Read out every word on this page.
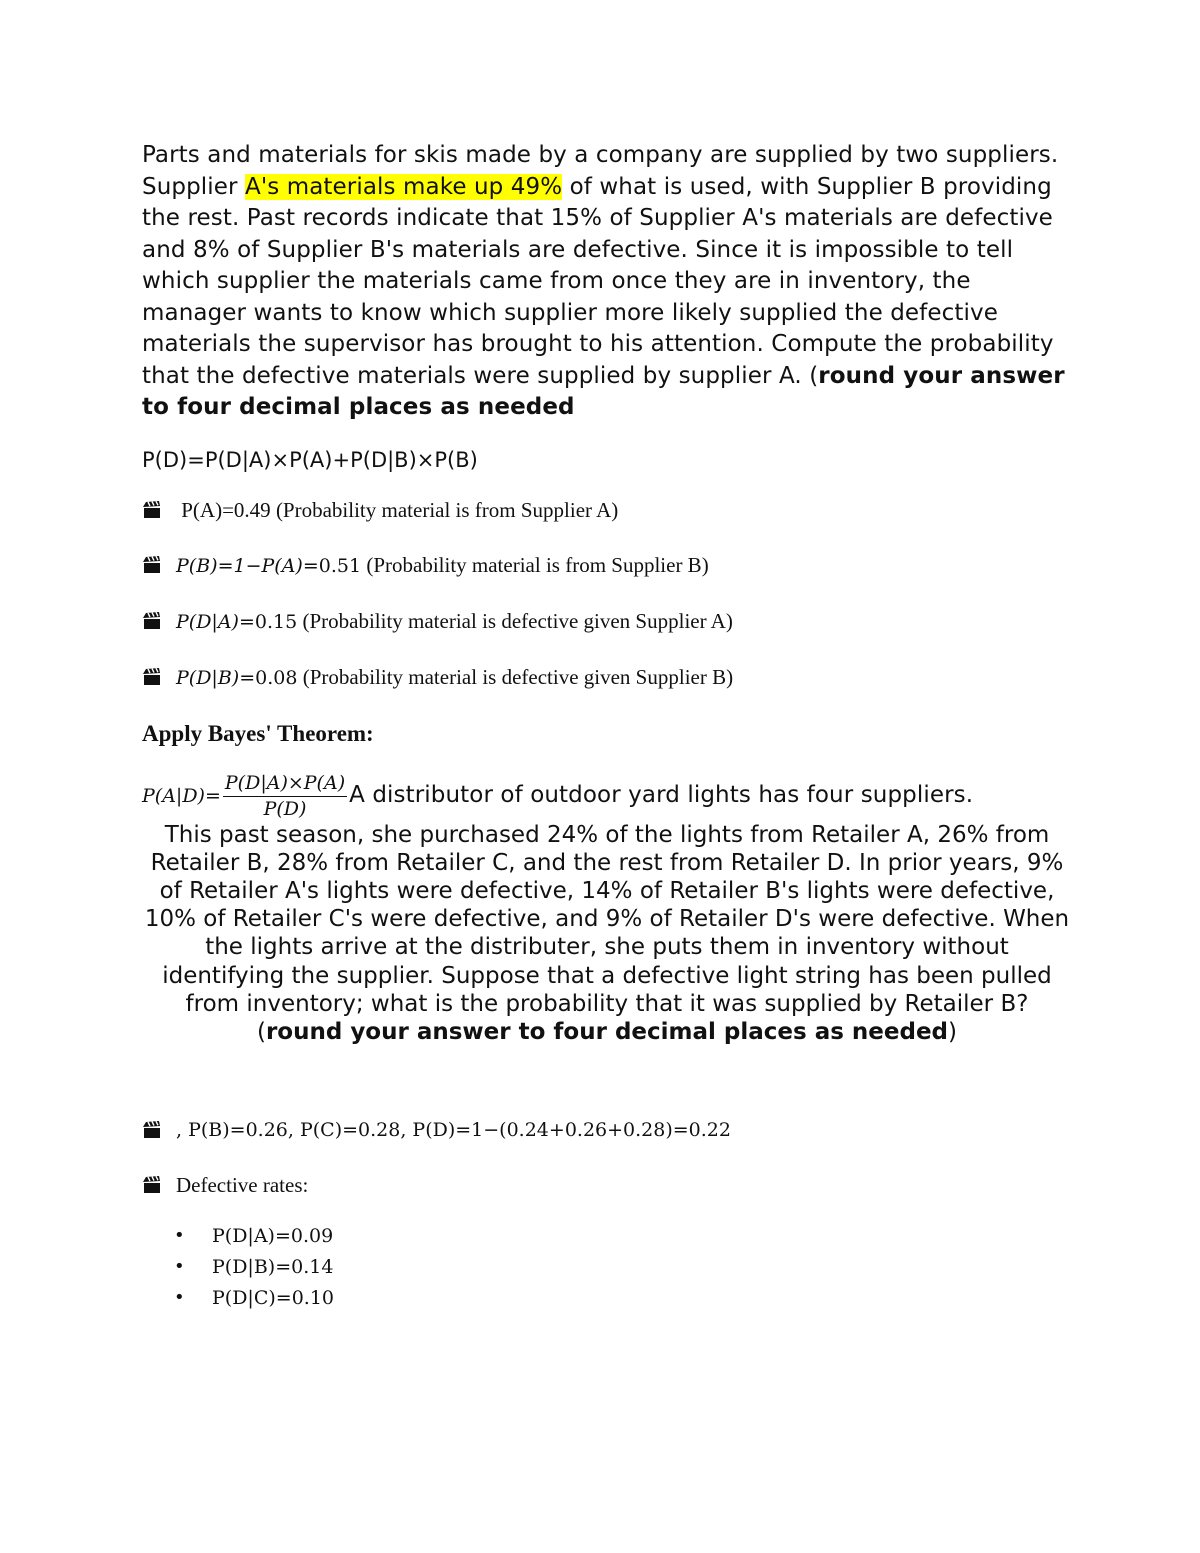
Parts and materials for skis made by a company are supplied by two suppliers. Supplier A's materials make up 49% of what is used, with Supplier B providing the rest. Past records indicate that 15% of Supplier A's materials are defective and 8% of Supplier B's materials are defective. Since it is impossible to tell which supplier the materials came from once they are in inventory, the manager wants to know which supplier more likely supplied the defective materials the supervisor has brought to his attention. Compute the probability that the defective materials were supplied by supplier A. (round your answer to four decimal places as needed

P(D)=P(D|A)×P(A)+P(D|B)×P(B)

P(A)=0.49 (Probability material is from Supplier A)
P(B)=1−P(A)=0.51 (Probability material is from Supplier B)
P(D|A)=0.15 (Probability material is defective given Supplier A)
P(D|B)=0.08 (Probability material is defective given Supplier B)

Apply Bayes' Theorem:

$P(A|D)= \frac{P(D|A)\times P(A)}{P(D)}$ A distributor of outdoor yard lights has four suppliers.

This past season, she purchased 24% of the lights from Retailer A, 26% from Retailer B, 28% from Retailer C, and the rest from Retailer D. In prior years, 9% of Retailer A's lights were defective, 14% of Retailer B's lights were defective, 10% of Retailer C's were defective, and 9% of Retailer D's were defective. When the lights arrive at the distributer, she puts them in inventory without identifying the supplier. Suppose that a defective light string has been pulled from inventory; what is the probability that it was supplied by Retailer B? (round your answer to four decimal places as needed)

, P(B)=0.26, P(C)=0.28, P(D)=1−(0.24+0.26+0.28)=0.22
Defective rates:
•	P(D|A)=0.09
•	P(D|B)=0.14
•	P(D|C)=0.10
